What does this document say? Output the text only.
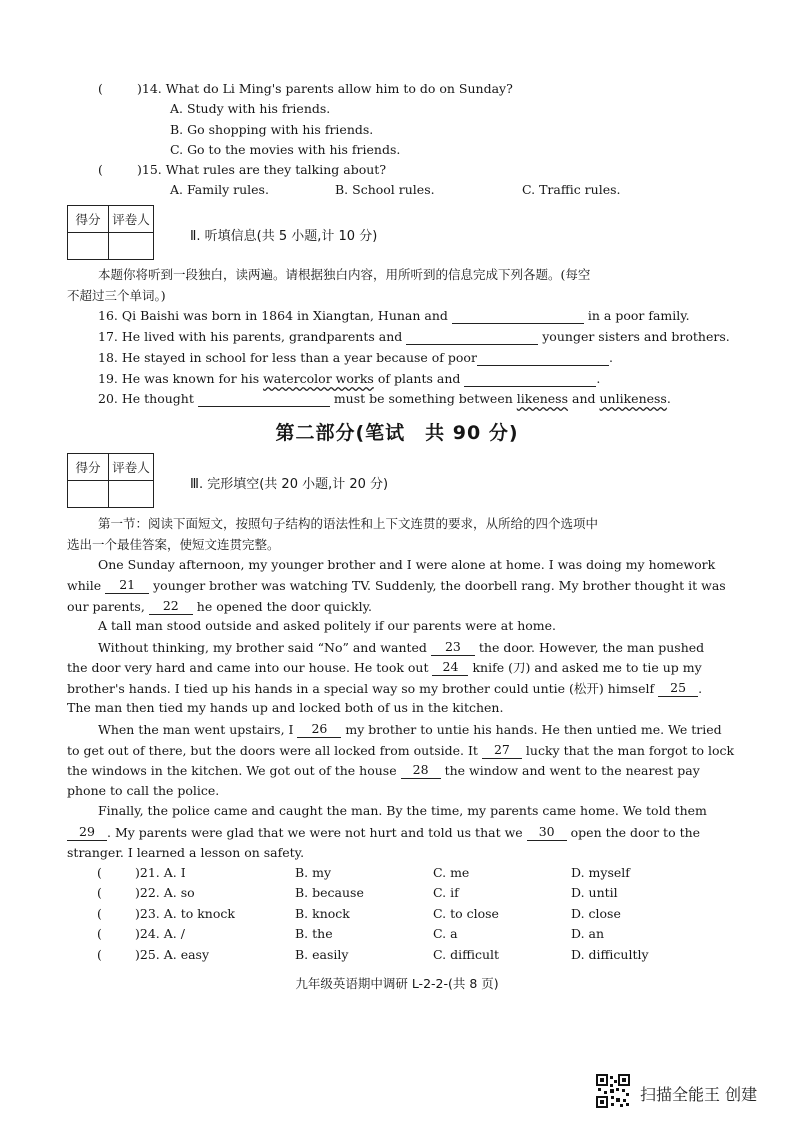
(	)14. What do Li Ming's parents allow him to do on Sunday?
A. Study with his friends.
B. Go shopping with his friends.
C. Go to the movies with his friends.
(	)15. What rules are they talking about?
A. Family rules.	B. School rules.	C. Traffic rules.
得分	评卷人

Ⅱ. 听填信息(共 5 小题,计 10 分)
本题你将听到一段独白，读两遍。请根据独白内容，用所听到的信息完成下列各题。(每空
不超过三个单词。)
16. Qi Baishi was born in 1864 in Xiangtan, Hunan and	in a poor family.
17. He lived with his parents, grandparents and	younger sisters and brothers.
18. He stayed in school for less than a year because of poor	.
19. He was known for his watercolor works of plants and	.
20. He thought	must be something between likeness and unlikeness.
第二部分(笔试　共 90 分)
得分	评卷人

Ⅲ. 完形填空(共 20 小题,计 20 分)
第一节：阅读下面短文，按照句子结构的语法性和上下文连贯的要求，从所给的四个选项中
选出一个最佳答案，使短文连贯完整。
One Sunday afternoon, my younger brother and I were alone at home. I was doing my homework
while 21 younger brother was watching TV. Suddenly, the doorbell rang. My brother thought it was
our parents, 22 he opened the door quickly.
A tall man stood outside and asked politely if our parents were at home.
Without thinking, my brother said “No” and wanted 23 the door. However, the man pushed
the door very hard and came into our house. He took out 24 knife (刀) and asked me to tie up my
brother's hands. I tied up his hands in a special way so my brother could untie (松开) himself 25 .
The man then tied my hands up and locked both of us in the kitchen.
When the man went upstairs, I 26 my brother to untie his hands. He then untied me. We tried
to get out of there, but the doors were all locked from outside. It 27 lucky that the man forgot to lock
the windows in the kitchen. We got out of the house 28 the window and went to the nearest pay
phone to call the police.
Finally, the police came and caught the man. By the time, my parents came home. We told them
29 . My parents were glad that we were not hurt and told us that we 30 open the door to the
stranger. I learned a lesson on safety.
(	)21. A. I	B. my	C. me	D. myself
(	)22. A. so	B. because	C. if	D. until
(	)23. A. to knock	B. knock	C. to close	D. close
(	)24. A. /	B. the	C. a	D. an
(	)25. A. easy	B. easily	C. difficult	D. difficultly
九年级英语期中调研 L-2-2-(共 8 页)
扫描全能王 创建
